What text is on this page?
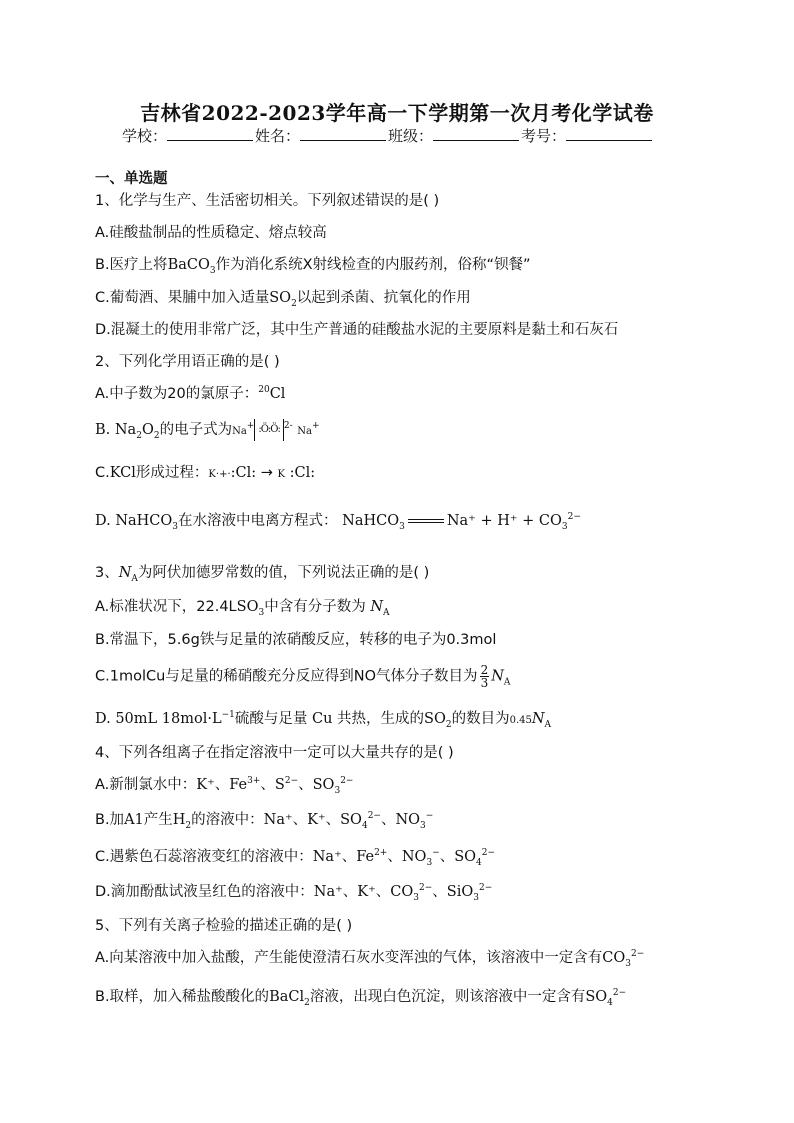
吉林省2022-2023学年高一下学期第一次月考化学试卷
学校：	姓名：	班级：	考号：
一、单选题
1、化学与生产、生活密切相关。下列叙述错误的是( )
A.硅酸盐制品的性质稳定、熔点较高
B.医疗上将BaCO$_3$作为消化系统X射线检查的内服药剂，俗称“钡餐”
C.葡萄酒、果脯中加入适量$SO_2$以起到杀菌、抗氧化的作用
D.混凝土的使用非常广泛，其中生产普通的硅酸盐水泥的主要原料是黏土和石灰石
2、下列化学用语正确的是( )
A.中子数为20的氯原子：$^{20}$Cl
B. $Na_2O_2$的电子式为Na+ :Ö:Ö: $^{2-}$ Na+
C.KCl形成过程：K·+·:Cl: → K :Cl:
D. NaHCO$_3$在水溶液中电离方程式： NaHCO$_3$	$Na^+ + H^+ + CO_3^{2-}$
3、$N_A$为阿伏加德罗常数的值，下列说法正确的是( )
A.标准状况下，$22.4LSO_3$中含有分子数为 $N_A$
B.常温下，5.6g铁与足量的浓硝酸反应，转移的电子为0.3mol
C.1molCu与足量的稀硝酸充分反应得到NO气体分子数目为 $\frac{2}{3} N_A$
D. 50mL $18mol\cdot L^{-1}$硫酸与足量 Cu 共热，生成的$SO_2$的数目为$0.45N_A$
4、下列各组离子在指定溶液中一定可以大量共存的是( )
A.新制氯水中：K⁺、$Fe^{3+}$、$S^{2-}$、$SO_3^{2-}$
B.加A1产生$H_2$的溶液中：Na⁺、K⁺、$SO_4^{2-}$、$NO_3^-$
C.遇紫色石蕊溶液变红的溶液中：Na⁺、$Fe^{2+}$、$NO_3^-$、$SO_4^{2-}$
D.滴加酚酞试液呈红色的溶液中：Na⁺、K⁺、$CO_3^{2-}$、SiO$_3^{2-}$
5、下列有关离子检验的描述正确的是( )
A.向某溶液中加入盐酸，产生能使澄清石灰水变浑浊的气体，该溶液中一定含有$CO_3^{2-}$
B.取样，加入稀盐酸酸化的BaCl$_2$溶液，出现白色沉淀，则该溶液中一定含有$SO_4^{2-}$
